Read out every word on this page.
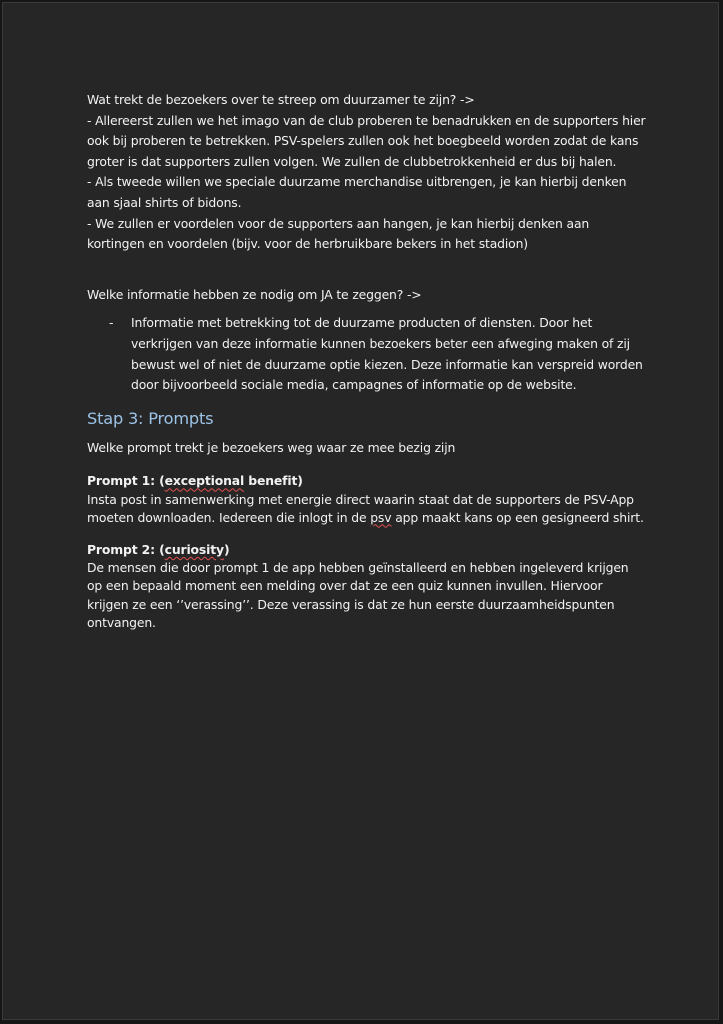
Wat trekt de bezoekers over te streep om duurzamer te zijn? ->

- Allereerst zullen we het imago van de club proberen te benadrukken en de supporters hier ook bij proberen te betrekken. PSV-spelers zullen ook het boegbeeld worden zodat de kans groter is dat supporters zullen volgen. We zullen de clubbetrokkenheid er dus bij halen.

- Als tweede willen we speciale duurzame merchandise uitbrengen, je kan hierbij denken aan sjaal shirts of bidons.

- We zullen er voordelen voor de supporters aan hangen, je kan hierbij denken aan kortingen en voordelen (bijv. voor de herbruikbare bekers in het stadion)

Welke informatie hebben ze nodig om JA te zeggen? ->

- Informatie met betrekking tot de duurzame producten of diensten. Door het verkrijgen van deze informatie kunnen bezoekers beter een afweging maken of zij bewust wel of niet de duurzame optie kiezen. Deze informatie kan verspreid worden door bijvoorbeeld sociale media, campagnes of informatie op de website.
Stap 3: Prompts

Welke prompt trekt je bezoekers weg waar ze mee bezig zijn

Prompt 1: (exceptional benefit)

Insta post in samenwerking met energie direct waarin staat dat de supporters de PSV-App moeten downloaden. Iedereen die inlogt in de psv app maakt kans op een gesigneerd shirt.

Prompt 2: (curiosity)

De mensen die door prompt 1 de app hebben geïnstalleerd en hebben ingeleverd krijgen op een bepaald moment een melding over dat ze een quiz kunnen invullen. Hiervoor krijgen ze een ‘’verassing’’. Deze verassing is dat ze hun eerste duurzaamheidspunten ontvangen.
